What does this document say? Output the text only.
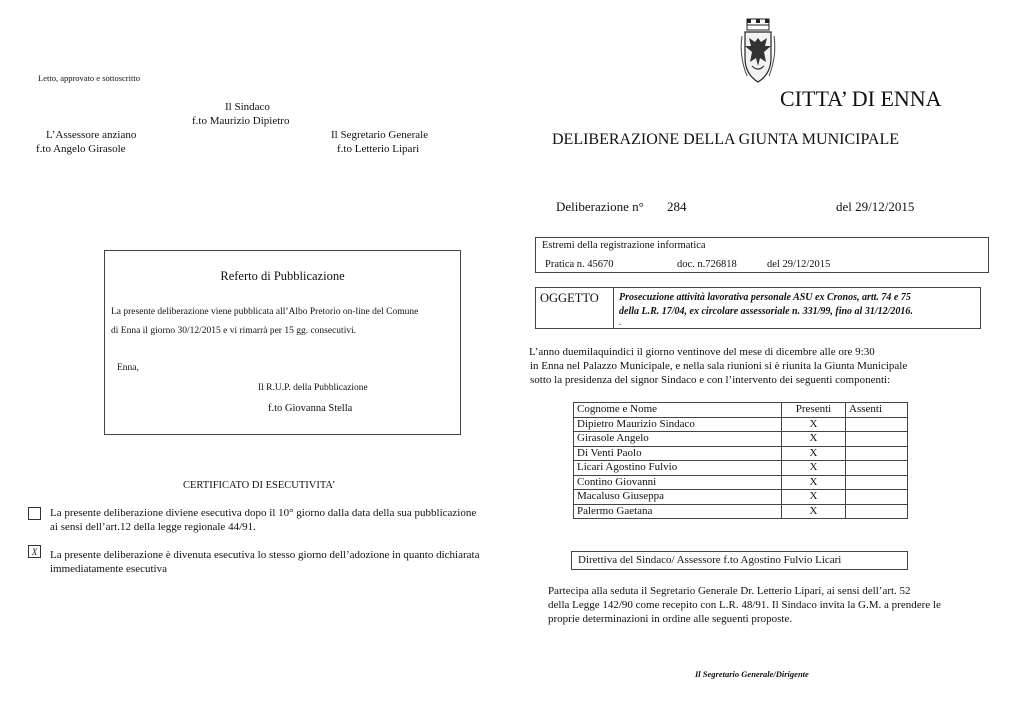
Letto, approvato e sottoscritto
Il Sindaco
f.to Maurizio Dipietro
L’Assessore anziano
f.to Angelo Girasole
Il Segretario Generale
f.to Letterio Lipari
Referto di Pubblicazione
La presente deliberazione viene pubblicata all’Albo Pretorio on-line del Comune
di Enna il giorno 30/12/2015 e vi rimarrà per 15 gg. consecutivi.
Enna,
Il R.U.P. della Pubblicazione
f.to Giovanna Stella
CERTIFICATO DI ESECUTIVITA’
La presente deliberazione diviene esecutiva dopo il 10° giorno dalla data della sua pubblicazione
ai sensi dell’art.12 della legge regionale 44/91.
X	La presente deliberazione è divenuta esecutiva lo stesso giorno dell’adozione in quanto dichiarata
immediatamente esecutiva
CITTA’ DI ENNA
DELIBERAZIONE DELLA GIUNTA MUNICIPALE
Deliberazione n° 284	del 29/12/2015
Estremi della registrazione informatica
Pratica n. 45670	doc. n.726818	del 29/12/2015
OGGETTO Prosecuzione attività lavorativa personale ASU ex Cronos, artt. 74 e 75
della L.R. 17/04, ex circolare assessoriale n. 331/99, fino al 31/12/2016.
.
L’anno duemilaquindici il giorno ventinove del mese di dicembre alle ore 9:30
in Enna nel Palazzo Municipale, e nella sala riunioni si è riunita la Giunta Municipale
sotto la presidenza del signor Sindaco e con l’intervento dei seguenti componenti:
Cognome e Nome	Presenti	Assenti
Dipietro Maurizio Sindaco	X	
Girasole Angelo	X	
Di Venti Paolo	X	
Licari Agostino Fulvio	X	
Contino Giovanni	X	
Macaluso Giuseppa	X	
Palermo Gaetana	X	
Direttiva del Sindaco/ Assessore f.to Agostino Fulvio Licari
Partecipa alla seduta il Segretario Generale Dr. Letterio Lipari, ai sensi dell’art. 52
della Legge 142/90 come recepito con L.R. 48/91. Il Sindaco invita la G.M. a prendere le
proprie determinazioni in ordine alle seguenti proposte.
Il Segretario Generale/Dirigente
